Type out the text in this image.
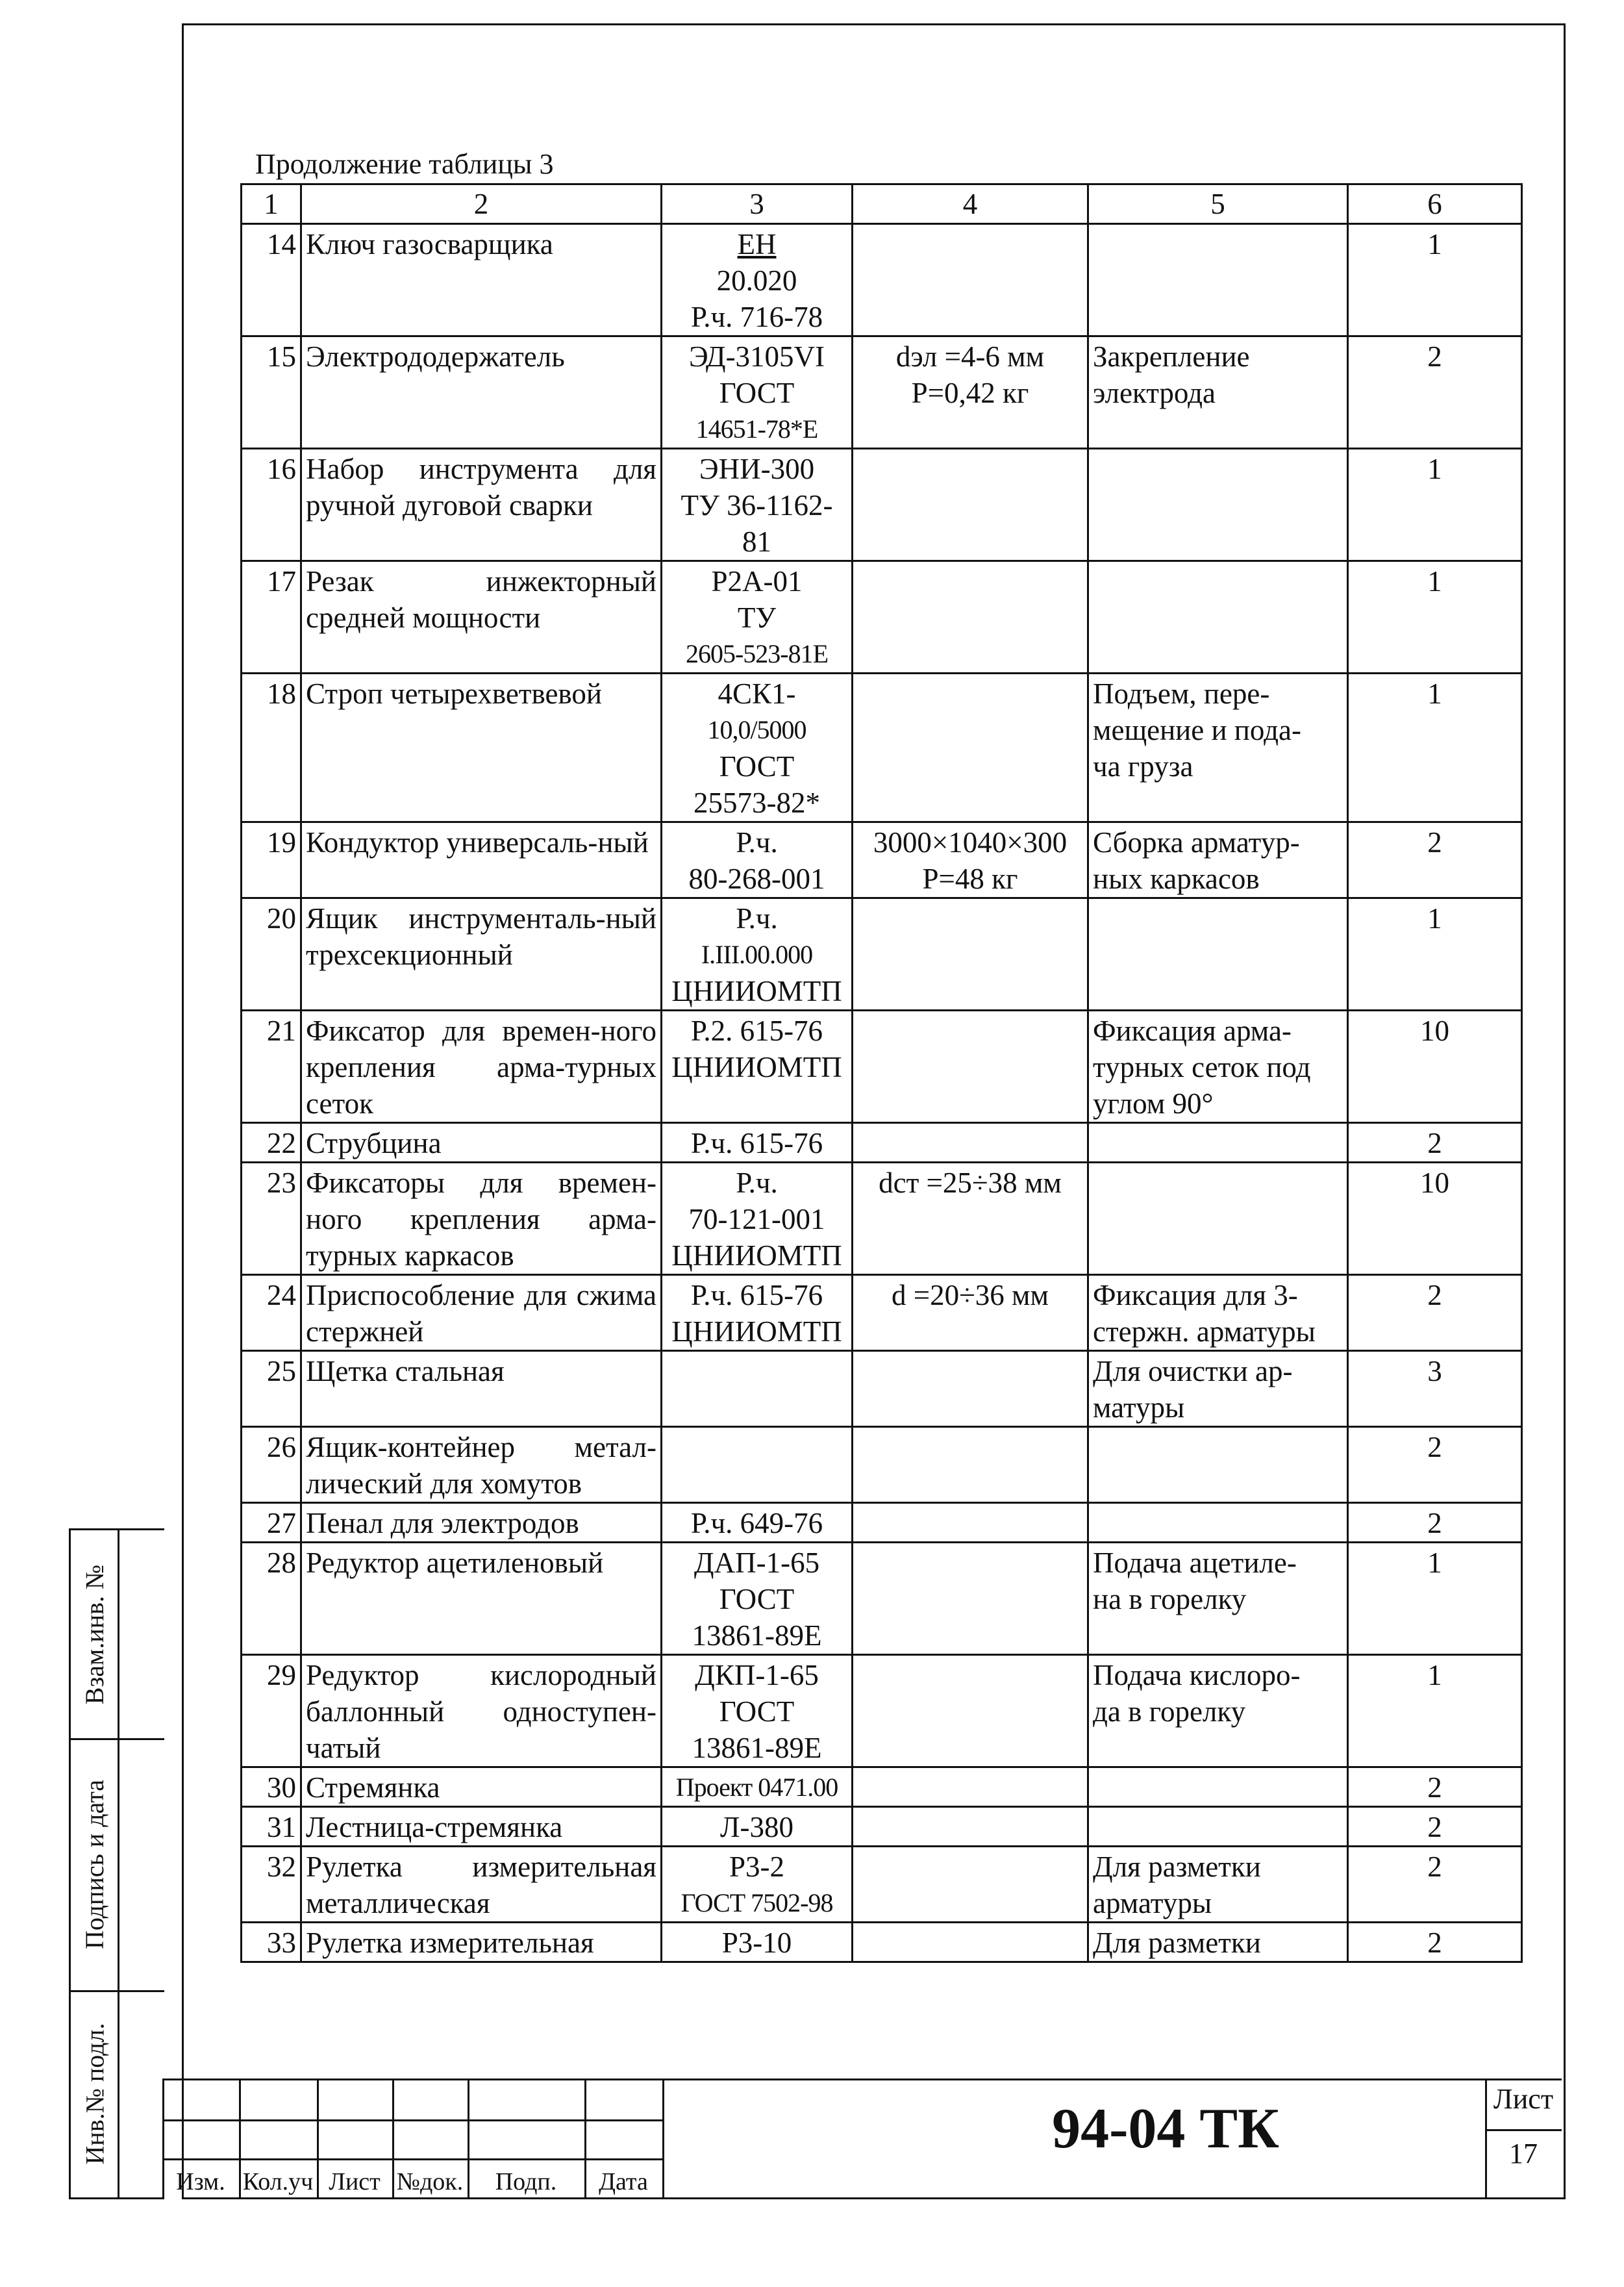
Продолжение таблицы 3
1	2	3	4	5	6
14	Ключ газосварщика	ЕН
20.020
Р.ч. 716-78			1
15	Электрододержатель	ЭД-3105VI
ГОСТ
14651-78*Е	dэл =4-6 мм
Р=0,42 кг	Закрепление
электрода	2
16	Набор инструмента для ручной дуговой сварки	ЭНИ-300
ТУ 36-1162-
81			1
17	Резак инжекторный средней мощности	Р2А-01
ТУ
2605-523-81Е			1
18	Строп четырехветвевой	4СК1-
10,0/5000
ГОСТ
25573-82*		Подъем, пере-
мещение и пода-
ча груза	1
19	Кондуктор универсаль-ный	Р.ч.
80-268-001	3000×1040×300
Р=48 кг	Сборка арматур-
ных каркасов	2
20	Ящик инструменталь-ный трехсекционный	Р.ч.
I.III.00.000
ЦНИИОМТП			1
21	Фиксатор для времен-ного крепления арма-турных сеток	Р.2. 615-76
ЦНИИОМТП		Фиксация арма-
турных сеток под
углом 90°	10
22	Струбцина	Р.ч. 615-76			2
23	Фиксаторы для времен-ного крепления арма-турных каркасов	Р.ч.
70-121-001
ЦНИИОМТП	dст =25÷38 мм		10
24	Приспособление для сжима стержней	Р.ч. 615-76
ЦНИИОМТП	d =20÷36 мм	Фиксация для 3-
стержн. арматуры	2
25	Щетка стальная			Для очистки ар-
матуры	3
26	Ящик-контейнер метал-лический для хомутов				2
27	Пенал для электродов	Р.ч. 649-76			2
28	Редуктор ацетиленовый	ДАП-1-65
ГОСТ
13861-89Е		Подача ацетиле-
на в горелку	1
29	Редуктор кислородный баллонный одноступен-чатый	ДКП-1-65
ГОСТ
13861-89Е		Подача кислоро-
да в горелку	1
30	Стремянка	Проект 0471.00			2
31	Лестница-стремянка	Л-380			2
32	Рулетка измерительная металлическая	Р3-2
ГОСТ 7502-98		Для разметки
арматуры	2
33	Рулетка измерительная	Р3-10		Для разметки	2
Взам.инв. №
Подпись и дата
Инв.№ подл.
Изм. Кол.уч Лист №док.	Подп.	Дата
94-04 ТК	Лист
17
